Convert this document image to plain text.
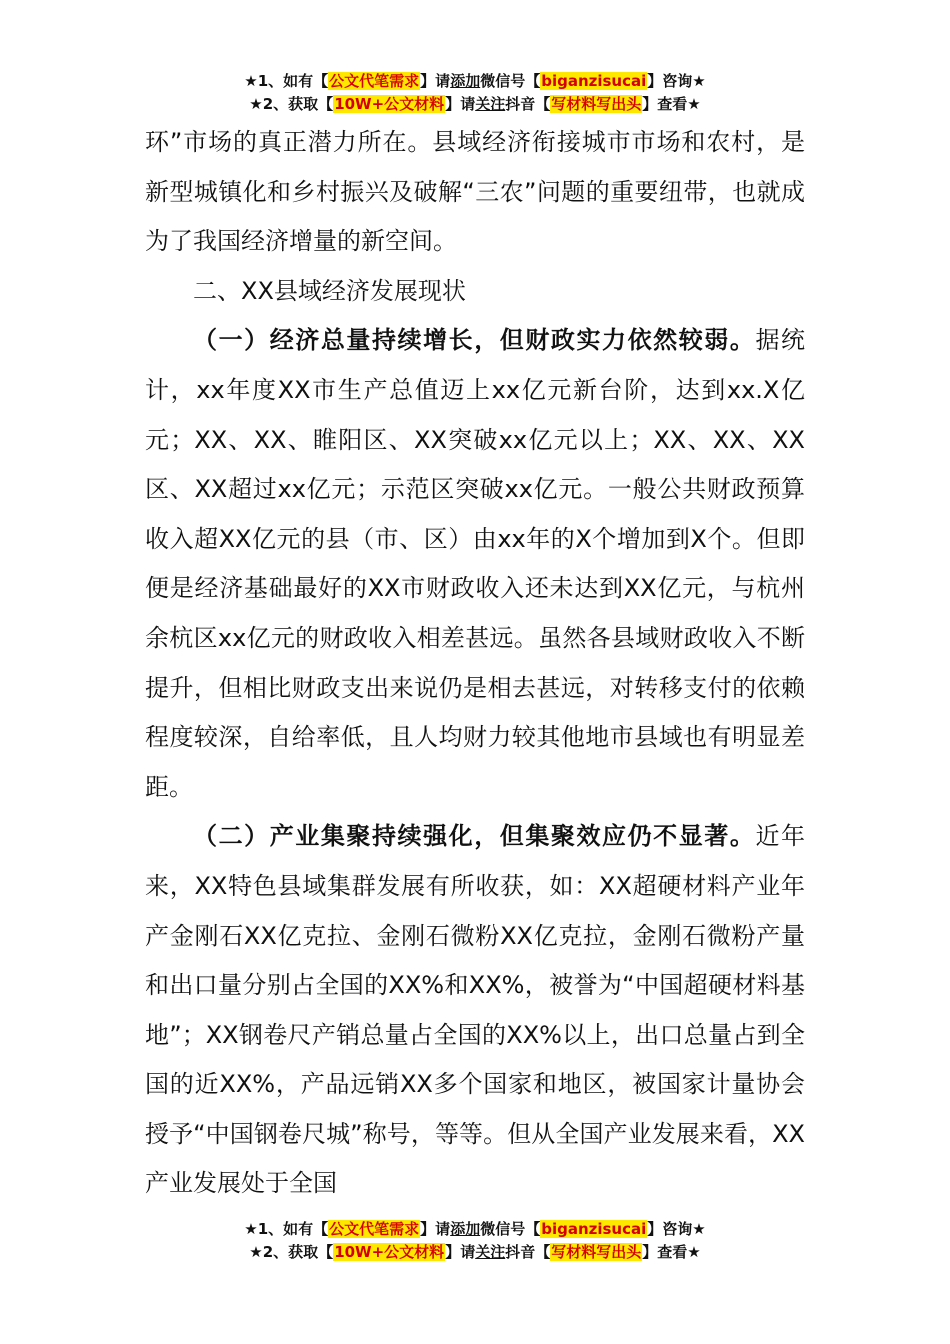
★1、如有【公文代笔需求】请添加微信号【biganzisucai】咨询★
★2、获取【10W+公文材料】请关注抖音【写材料写出头】查看★

环”市场的真正潜力所在。县域经济衔接城市市场和农村，是新型城镇化和乡村振兴及破解“三农”问题的重要纽带，也就成为了我国经济增量的新空间。

二、XX县域经济发展现状

（一）经济总量持续增长，但财政实力依然较弱。据统计，xx年度XX市生产总值迈上xx亿元新台阶，达到xx.X亿元；XX、XX、睢阳区、XX突破xx亿元以上；XX、XX、XX区、XX超过xx亿元；示范区突破xx亿元。一般公共财政预算收入超XX亿元的县（市、区）由xx年的X个增加到X个。但即便是经济基础最好的XX市财政收入还未达到XX亿元，与杭州余杭区xx亿元的财政收入相差甚远。虽然各县域财政收入不断提升，但相比财政支出来说仍是相去甚远，对转移支付的依赖程度较深，自给率低，且人均财力较其他地市县域也有明显差距。

（二）产业集聚持续强化，但集聚效应仍不显著。近年来，XX特色县域集群发展有所收获，如：XX超硬材料产业年产金刚石XX亿克拉、金刚石微粉XX亿克拉，金刚石微粉产量和出口量分别占全国的XX%和XX%，被誉为“中国超硬材料基地”；XX钢卷尺产销总量占全国的XX%以上，出口总量占到全国的近XX%，产品远销XX多个国家和地区，被国家计量协会授予“中国钢卷尺城”称号，等等。但从全国产业发展来看，XX产业发展处于全国

★1、如有【公文代笔需求】请添加微信号【biganzisucai】咨询★
★2、获取【10W+公文材料】请关注抖音【写材料写出头】查看★
